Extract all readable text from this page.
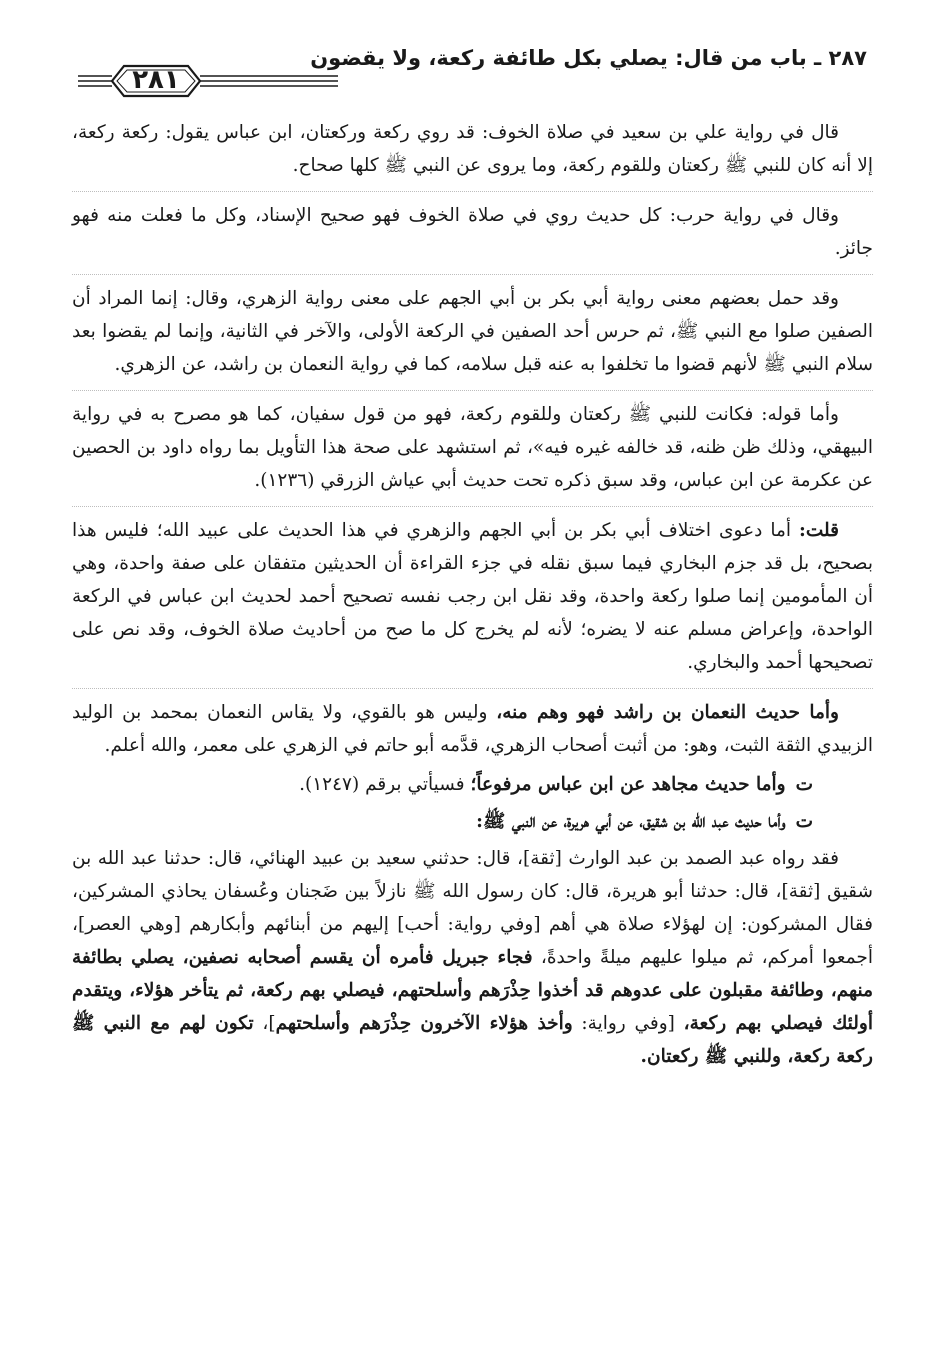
٢٨٧ ـ باب من قال: يصلي بكل طائفة ركعة، ولا يقضون
٢٨١

قال في رواية علي بن سعيد في صلاة الخوف: قد روي ركعة وركعتان، ابن عباس يقول: ركعة ركعة، إلا أنه كان للنبي ﷺ ركعتان وللقوم ركعة، وما يروى عن النبي ﷺ كلها صحاح.

وقال في رواية حرب: كل حديث روي في صلاة الخوف فهو صحيح الإسناد، وكل ما فعلت منه فهو جائز.

وقد حمل بعضهم معنى رواية أبي بكر بن أبي الجهم على معنى رواية الزهري، وقال: إنما المراد أن الصفين صلوا مع النبي ﷺ، ثم حرس أحد الصفين في الركعة الأولى، والآخر في الثانية، وإنما لم يقضوا بعد سلام النبي ﷺ لأنهم قضوا ما تخلفوا به عنه قبل سلامه، كما في رواية النعمان بن راشد، عن الزهري.

وأما قوله: فكانت للنبي ﷺ ركعتان وللقوم ركعة، فهو من قول سفيان، كما هو مصرح به في رواية البيهقي، وذلك ظن ظنه، قد خالفه غيره فيه»، ثم استشهد على صحة هذا التأويل بما رواه داود بن الحصين عن عكرمة عن ابن عباس، وقد سبق ذكره تحت حديث أبي عياش الزرقي (١٢٣٦).

قلت: أما دعوى اختلاف أبي بكر بن أبي الجهم والزهري في هذا الحديث على عبيد الله؛ فليس هذا بصحيح، بل قد جزم البخاري فيما سبق نقله في جزء القراءة أن الحديثين متفقان على صفة واحدة، وهي أن المأمومين إنما صلوا ركعة واحدة، وقد نقل ابن رجب نفسه تصحيح أحمد لحديث ابن عباس في الركعة الواحدة، وإعراض مسلم عنه لا يضره؛ لأنه لم يخرج كل ما صح من أحاديث صلاة الخوف، وقد نص على تصحيحها أحمد والبخاري.

وأما حديث النعمان بن راشد فهو وهم منه، وليس هو بالقوي، ولا يقاس النعمان بمحمد بن الوليد الزبيدي الثقة الثبت، وهو: من أثبت أصحاب الزهري، قدَّمه أبو حاتم في الزهري على معمر، والله أعلم.

توأما حديث مجاهد عن ابن عباس مرفوعاً؛ فسيأتي برقم (١٢٤٧).

توأما حديث عبد الله بن شقيق، عن أبي هريرة، عن النبي ﷺ:

فقد رواه عبد الصمد بن عبد الوارث [ثقة]، قال: حدثني سعيد بن عبيد الهنائي، قال: حدثنا عبد الله بن شقيق [ثقة]، قال: حدثنا أبو هريرة، قال: كان رسول الله ﷺ نازلاً بين ضَجنان وعُسفان يحاذي المشركين، فقال المشركون: إن لهؤلاء صلاة هي أهم [وفي رواية: أحب] إليهم من أبنائهم وأبكارهم [وهي العصر]، أجمعوا أمركم، ثم ميلوا عليهم ميلةً واحدةً، فجاء جبريل فأمره أن يقسم أصحابه نصفين، يصلي بطائفة منهم، وطائفة مقبلون على عدوهم قد أخذوا حِذْرَهم وأسلحتهم، فيصلي بهم ركعة، ثم يتأخر هؤلاء، ويتقدم أولئك فيصلي بهم ركعة، [وفي رواية: وأخذ هؤلاء الآخرون حِذْرَهم وأسلحتهم]، تكون لهم مع النبي ﷺ ركعة ركعة، وللنبي ﷺ ركعتان.
